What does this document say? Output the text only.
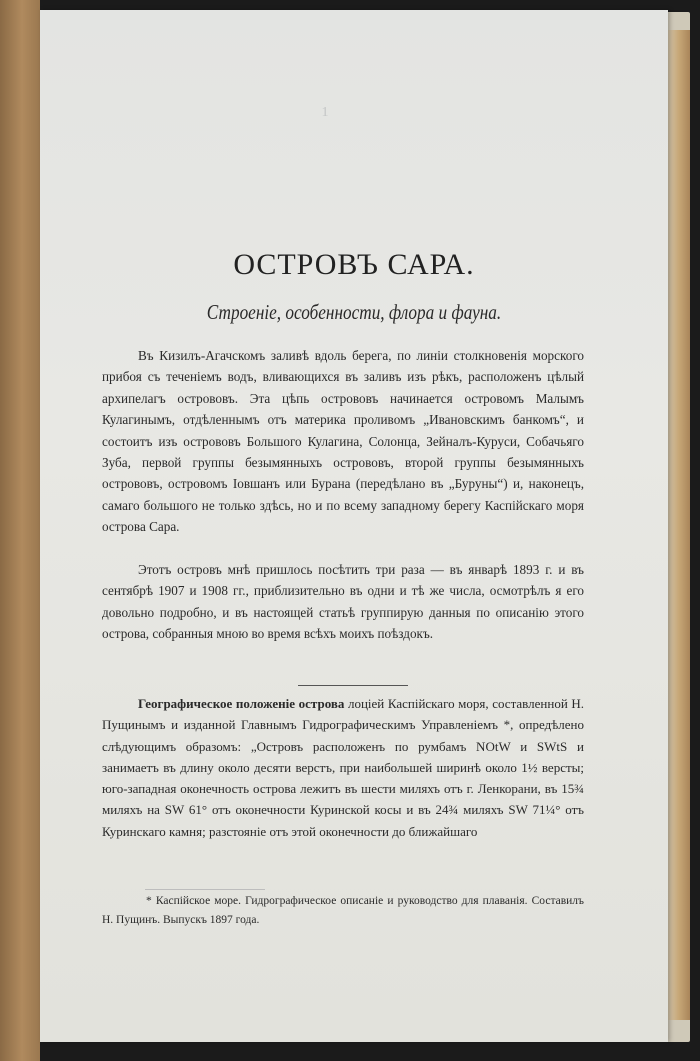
1
ОСТРОВЪ САРА.
Строеніе, особенности, флора и фауна.
Въ Кизилъ-Агачскомъ заливѣ вдоль берега, по линіи столкновенія морского прибоя съ теченіемъ водъ, вливающихся въ заливъ изъ рѣкъ, расположенъ цѣлый архипелагъ острововъ. Эта цѣпь острововъ начинается островомъ Малымъ Кулагинымъ, отдѣленнымъ отъ материка проливомъ „Ивановскимъ банкомъ“, и состоитъ изъ острововъ Большого Кулагина, Солонца, Зейналъ-Куруси, Собачьяго Зуба, первой группы безымянныхъ острововъ, второй группы безымянныхъ острововъ, островомъ Іовшанъ или Бурана (передѣлано въ „Буруны“) и, наконецъ, самаго большого не только здѣсь, но и по всему западному берегу Каспійскаго моря острова Сара.
Этотъ островъ мнѣ пришлось посѣтить три раза — въ январѣ 1893 г. и въ сентябрѣ 1907 и 1908 гг., приблизительно въ одни и тѣ же числа, осмотрѣлъ я его довольно подробно, и въ настоящей статьѣ группирую данныя по описанію этого острова, собранныя мною во время всѣхъ моихъ поѣздокъ.
Географическое положеніе острова лоціей Каспійскаго моря, составленной Н. Пущинымъ и изданной Главнымъ Гидрографическимъ Управленіемъ *, опредѣлено слѣдующимъ образомъ: „Островъ расположенъ по румбамъ NOtW и SWtS и занимаетъ въ длину около десяти верстъ, при наибольшей ширинѣ около 1½ версты; юго-западная оконечность острова лежитъ въ шести миляхъ отъ г. Ленкорани, въ 15¾ миляхъ на SW 61° отъ оконечности Куринской косы и въ 24¾ миляхъ SW 71¼° отъ Куринскаго камня; разстояніе отъ этой оконечности до ближайшаго
* Каспійское море. Гидрографическое описаніе и руководство для плаванія. Составилъ Н. Пущинъ. Выпускъ 1897 года.
